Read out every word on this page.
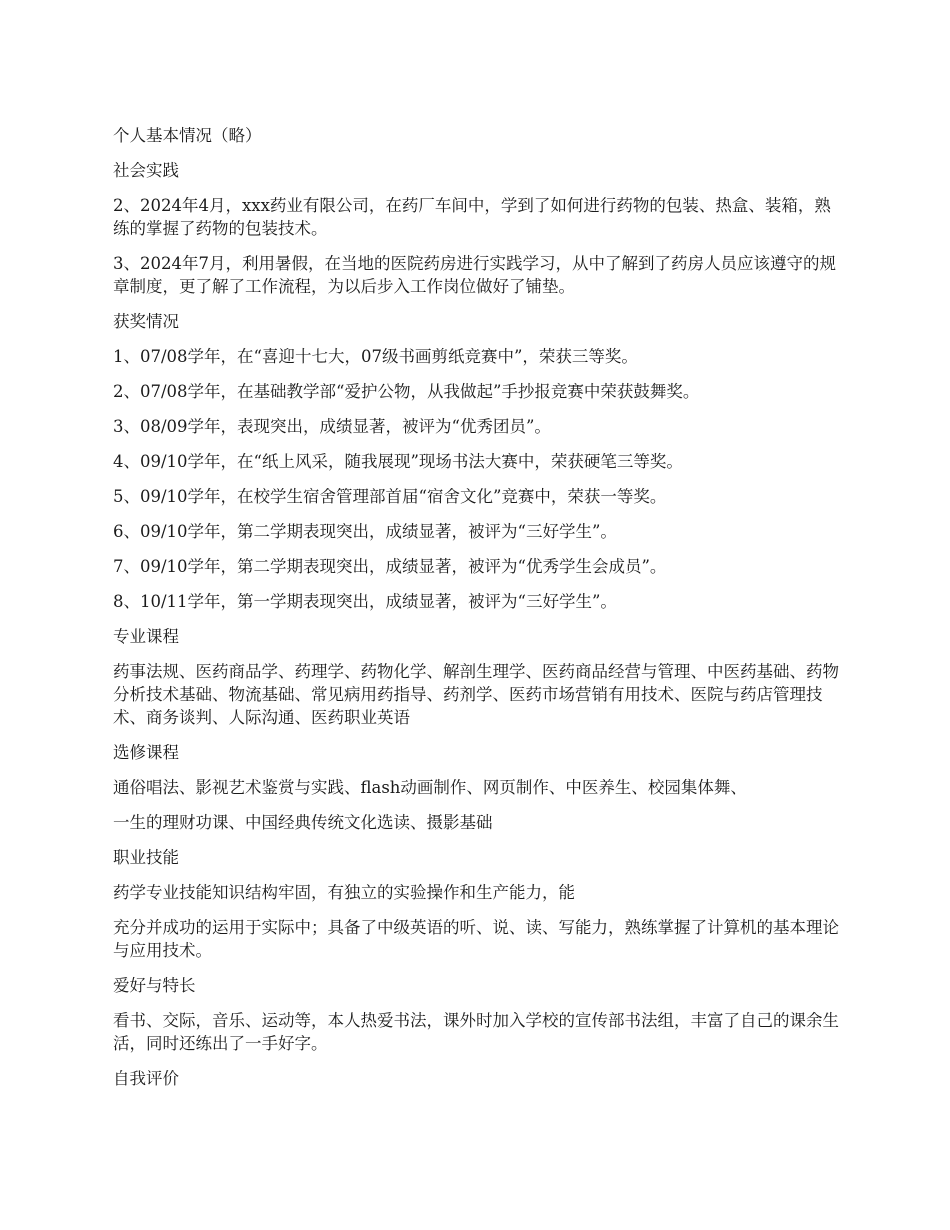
个人基本情况（略）

社会实践

2、2024年4月，xxx药业有限公司，在药厂车间中，学到了如何进行药物的包装、热盒、装箱，熟练的掌握了药物的包装技术。

3、2024年7月，利用暑假，在当地的医院药房进行实践学习，从中了解到了药房人员应该遵守的规章制度，更了解了工作流程，为以后步入工作岗位做好了铺垫。

获奖情况

1、07/08学年，在“喜迎十七大，07级书画剪纸竞赛中”，荣获三等奖。

2、07/08学年，在基础教学部“爱护公物，从我做起”手抄报竞赛中荣获鼓舞奖。

3、08/09学年，表现突出，成绩显著，被评为“优秀团员”。

4、09/10学年，在“纸上风采，随我展现”现场书法大赛中，荣获硬笔三等奖。

5、09/10学年，在校学生宿舍管理部首届“宿舍文化”竞赛中，荣获一等奖。

6、09/10学年，第二学期表现突出，成绩显著，被评为“三好学生”。

7、09/10学年，第二学期表现突出，成绩显著，被评为“优秀学生会成员”。

8、10/11学年，第一学期表现突出，成绩显著，被评为“三好学生”。

专业课程

药事法规、医药商品学、药理学、药物化学、解剖生理学、医药商品经营与管理、中医药基础、药物分析技术基础、物流基础、常见病用药指导、药剂学、医药市场营销有用技术、医院与药店管理技术、商务谈判、人际沟通、医药职业英语

选修课程

通俗唱法、影视艺术鉴赏与实践、flash动画制作、网页制作、中医养生、校园集体舞、

一生的理财功课、中国经典传统文化选读、摄影基础

职业技能

药学专业技能知识结构牢固，有独立的实验操作和生产能力，能

充分并成功的运用于实际中；具备了中级英语的听、说、读、写能力，熟练掌握了计算机的基本理论与应用技术。

爱好与特长

看书、交际，音乐、运动等，本人热爱书法，课外时加入学校的宣传部书法组，丰富了自己的课余生活，同时还练出了一手好字。

自我评价
